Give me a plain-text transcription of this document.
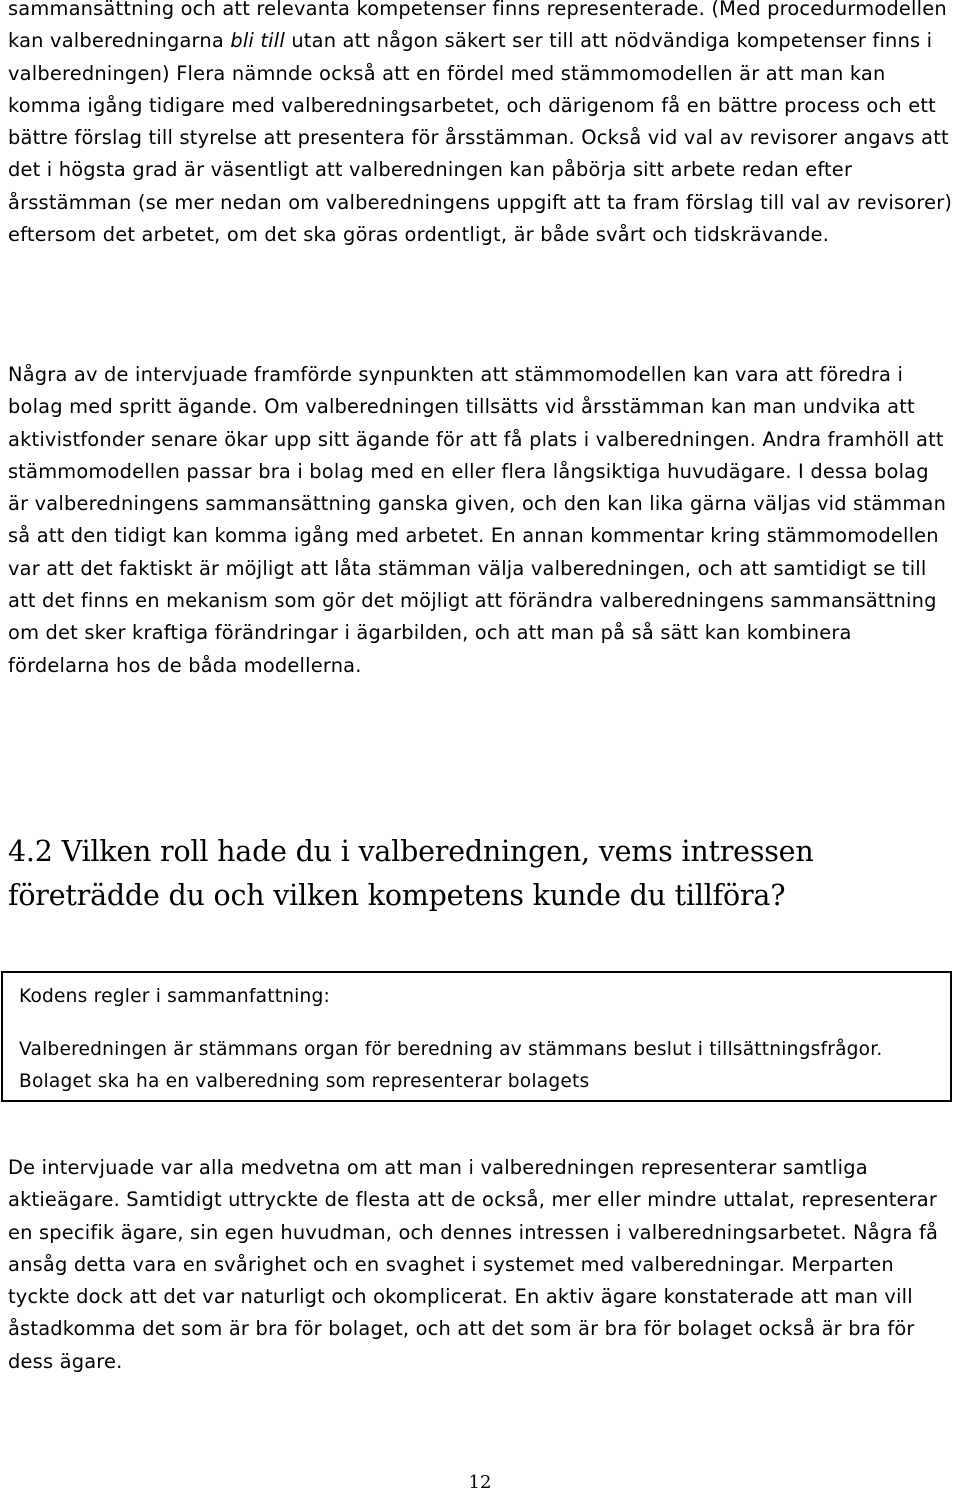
sammansättning och att relevanta kompetenser finns representerade. (Med procedurmodellen kan valberedningarna bli till utan att någon säkert ser till att nödvändiga kompetenser finns i valberedningen) Flera nämnde också att en fördel med stämmomodellen är att man kan komma igång tidigare med valberedningsarbetet, och därigenom få en bättre process och ett bättre förslag till styrelse att presentera för årsstämman. Också vid val av revisorer angavs att det i högsta grad är väsentligt att valberedningen kan påbörja sitt arbete redan efter årsstämman (se mer nedan om valberedningens uppgift att ta fram förslag till val av revisorer) eftersom det arbetet, om det ska göras ordentligt, är både svårt och tidskrävande.

Några av de intervjuade framförde synpunkten att stämmomodellen kan vara att föredra i bolag med spritt ägande. Om valberedningen tillsätts vid årsstämman kan man undvika att aktivistfonder senare ökar upp sitt ägande för att få plats i valberedningen. Andra framhöll att stämmomodellen passar bra i bolag med en eller flera långsiktiga huvudägare. I dessa bolag är valberedningens sammansättning ganska given, och den kan lika gärna väljas vid stämman så att den tidigt kan komma igång med arbetet. En annan kommentar kring stämmomodellen var att det faktiskt är möjligt att låta stämman välja valberedningen, och att samtidigt se till att det finns en mekanism som gör det möjligt att förändra valberedningens sammansättning om det sker kraftiga förändringar i ägarbilden, och att man på så sätt kan kombinera fördelarna hos de båda modellerna.

4.2 Vilken roll hade du i valberedningen, vems intressen företrädde du och vilken kompetens kunde du tillföra?

Kodens regler i sammanfattning:

Valberedningen är stämmans organ för beredning av stämmans beslut i tillsättningsfrågor. Bolaget ska ha en valberedning som representerar bolagets

De intervjuade var alla medvetna om att man i valberedningen representerar samtliga aktieägare. Samtidigt uttryckte de flesta att de också, mer eller mindre uttalat, representerar en specifik ägare, sin egen huvudman, och dennes intressen i valberedningsarbetet. Några få ansåg detta vara en svårighet och en svaghet i systemet med valberedningar. Merparten tyckte dock att det var naturligt och okomplicerat. En aktiv ägare konstaterade att man vill åstadkomma det som är bra för bolaget, och att det som är bra för bolaget också är bra för dess ägare.

12
